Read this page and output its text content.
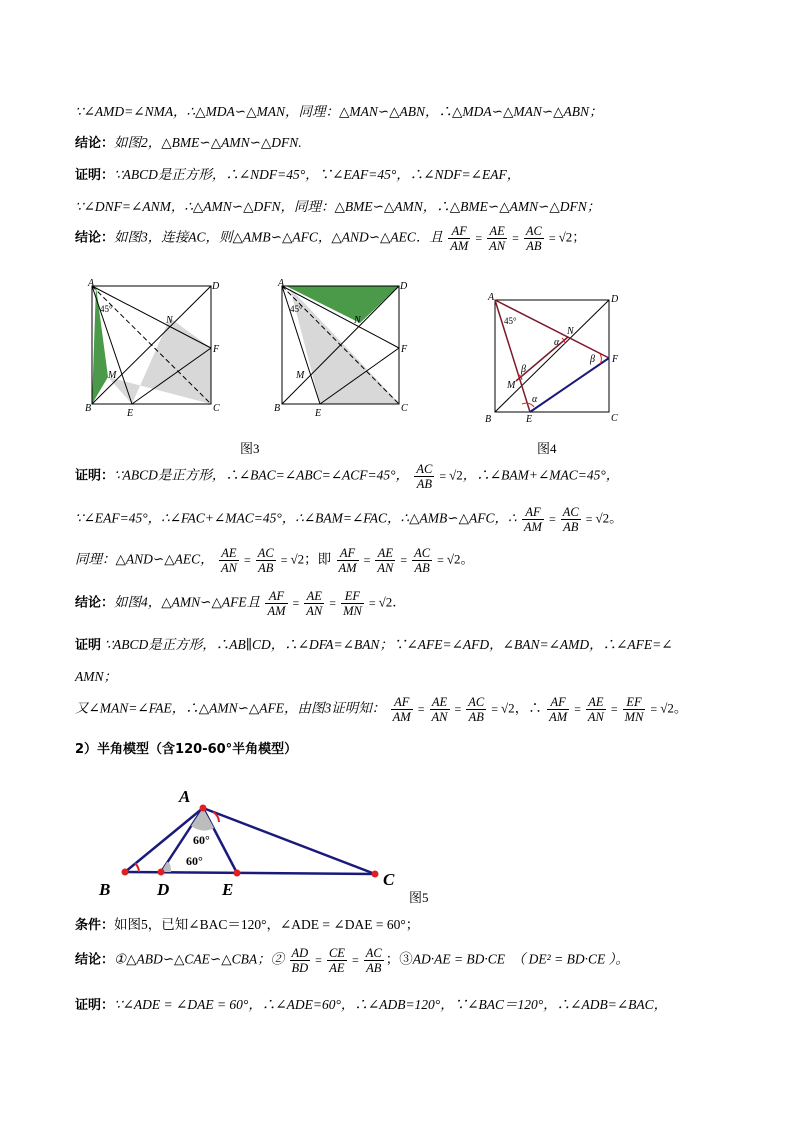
∵∠AMD=∠NMA，∴△MDA∽△MAN，同理：△MAN∽△ABN，∴△MDA∽△MAN∽△ABN；
结论：如图2，△BME∽△AMN∽△DFN.
证明：∵ABCD是正方形，∴∠NDF=45°，∵∠EAF=45°，∴∠NDF=∠EAF，
∵∠DNF=∠ANM，∴△AMN∽△DFN，同理：△BME∽△AMN，∴△BME∽△AMN∽△DFN；
结论：如图3，连接AC，则△AMB∽△AFC，△AND∽△AEC．且 $\frac{AF}{AM} = \frac{AE}{AN} = \frac{AC}{AB} = √2$；
A	D
B	C
E
F
M
N
45°
A	D
B	C
E
F
M
N
45°
A	D
B	C
E
F
M
N
45°
α
β
β
α
图3	图4
证明：∵ABCD是正方形，∴∠BAC=∠ABC=∠ACF=45°， $\frac{AC}{AB} = √2$，∴∠BAM+∠MAC=45°，
∵∠EAF=45°，∴∠FAC+∠MAC=45°，∴∠BAM=∠FAC，∴△AMB∽△AFC，∴ $\frac{AF}{AM} = \frac{AC}{AB} = √2$。
同理：△AND∽△AEC， $\frac{AE}{AN} = \frac{AC}{AB} = √2$；即 $\frac{AF}{AM} = \frac{AE}{AN} = \frac{AC}{AB} = √2$。
结论：如图4，△AMN∽△AFE且 $\frac{AF}{AM} = \frac{AE}{AN} = \frac{EF}{MN} = √2$．
证明 ∵ABCD是正方形，∴AB∥CD，∴∠DFA=∠BAN；∵∠AFE=∠AFD，∠BAN=∠AMD，∴∠AFE=∠
AMN；
又∠MAN=∠FAE，∴△AMN∽△AFE，由图3证明知： $\frac{AF}{AM} = \frac{AE}{AN} = \frac{AC}{AB} = √2$，∴ $\frac{AF}{AM} = \frac{AE}{AN} = \frac{EF}{MN} = √2$。
2）半角模型（含120-60°半角模型）
A
B	D	E
C
60°
60°
图5
条件：如图5，已知∠BAC＝120°，∠ADE = ∠DAE = 60°；
结论：①△ABD∽△CAE∽△CBA；② $\frac{AD}{BD} = \frac{CE}{AE} = \frac{AC}{AB}$ ；③AD·AE = BD·CE （ DE² = BD·CE ）。
证明：∵∠ADE = ∠DAE = 60°，∴∠ADE=60°，∴∠ADB=120°，∵∠BAC＝120°，∴∠ADB=∠BAC，
